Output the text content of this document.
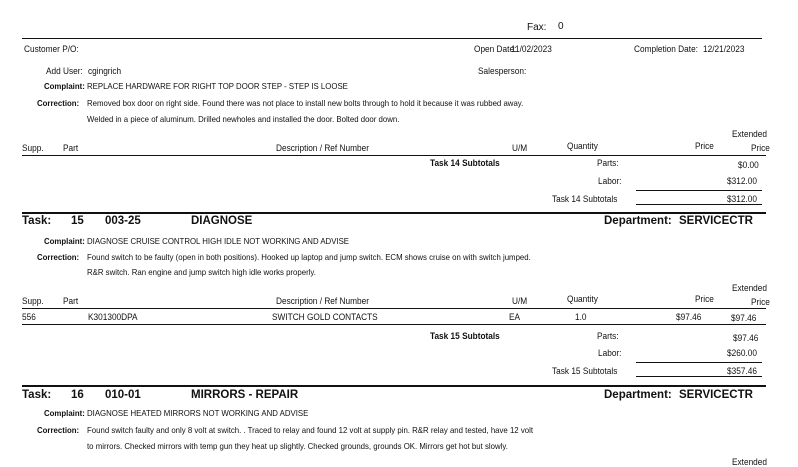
Fax: 0
Customer P/O:	Open Date:
11/02/2023	Completion Date: 12/21/2023
Add User: cgingrich	Salesperson:
Complaint: REPLACE HARDWARE FOR RIGHT TOP DOOR STEP - STEP IS LOOSE
Correction: Removed box door on right side. Found there was not place to install new bolts through to hold it because it was rubbed away.
Welded in a piece of aluminum. Drilled newholes and installed the door. Bolted door down.
Extended
Supp. Part	Description / Ref Number	U/M	Quantity	Price	Price
Task 14 Subtotals	Parts:	$0.00
Labor:	$312.00
Task 14 Subtotals	$312.00
Task: 15 003-25	DIAGNOSE	Department: SERVICECTR
Complaint: DIAGNOSE CRUISE CONTROL HIGH IDLE NOT WORKING AND ADVISE
Correction: Found switch to be faulty (open in both positions). Hooked up laptop and jump switch. ECM shows cruise on with switch jumped.
R&R switch. Ran engine and jump switch high idle works properly.
Extended
Supp. Part	Description / Ref Number	U/M	Quantity	Price	Price
556	K301300DPA	SWITCH GOLD CONTACTS	EA	1.0	$97.46	$97.46
Task 15 Subtotals	Parts:	$97.46
Labor:	$260.00
Task 15 Subtotals	$357.46
Task: 16 010-01	MIRRORS - REPAIR	Department: SERVICECTR
Complaint: DIAGNOSE HEATED MIRRORS NOT WORKING AND ADVISE
Correction: Found switch faulty and only 8 volt at switch. . Traced to relay and found 12 volt at supply pin. R&R relay and tested, have 12 volt
to mirrors. Checked mirrors with temp gun they heat up slightly. Checked grounds, grounds OK. Mirrors get hot but slowly.
Extended
